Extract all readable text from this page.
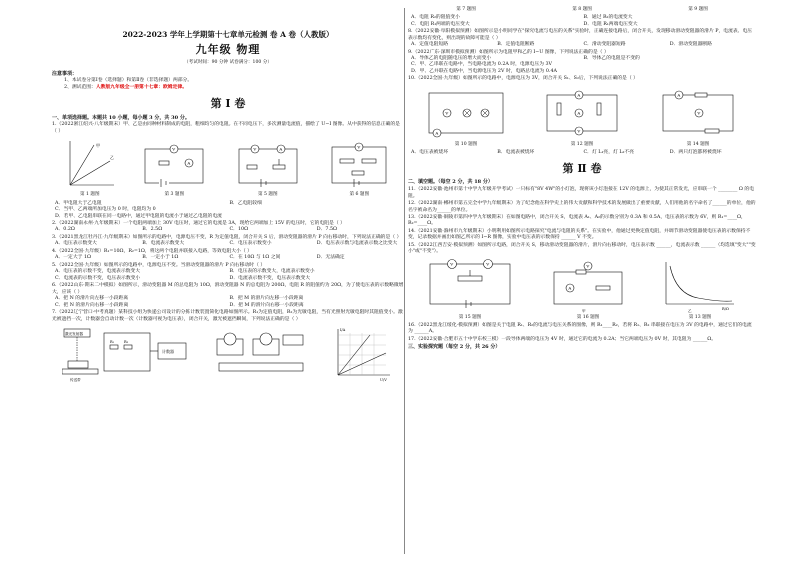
2022-2023 学年上学期第十七章单元检测 卷 A 卷（人教版）
九年级 物理
（考试时间：90 分钟 试卷满分：100 分）
注意事项：
1、本试卷分第Ⅰ卷（选择题）和第Ⅱ卷（非选择题）两部分。
2、测试范围：人教版九年级全一册第十七章：欧姆定律。
第 Ⅰ 卷
一、单项选择题。本题共 10 小题，每小题 3 分，共 30 分。
1.（2022浙江绍兴·八年级期末）甲、乙是由同种材料制成的电阻，粗细均匀的电阻。在不同电压下，多次测量电流值，描绘了 U−I 图像。从中获得的信息正确的是（ ）
甲
乙
第 1 题图
V
A
第 3 题图
V	A
第 5 题图
V
第 6 题图
A．甲电阻大于乙电阻	B．乙电阻较细
C．当甲、乙两端所加电压为 0 时，电阻均为 0
D．若甲、乙电阻串联在同一电路中，通过甲电阻的电流小于通过乙电阻的电流
2.（2022湖南永州·九年级期末）一个电阻两端加上 30V 电压时，通过它的电流是 3A，现给它两端加上 15V 的电压时，它的电阻是（ ）
A．0.2Ω	B．2.5Ω	C．10Ω	D．7.5Ω
3.（2021黑龙江牡丹江·九年级期末）如图所示的电路中，电源电压不变，R 为定值电阻，闭合开关 S 后，滑动变阻器的滑片 P 向右移动时，下列说法正确的是（ ）
A．电压表示数变大	B．电流表示数变大	C．电压表示数变小	D．电压表示数与电流表示数之比变大
4.（2022全国·九年级）R₁=10Ω，R₂=1Ω，将这两个电阻并联接入电路，等效电阻大小（ ）
A．一定大于 1Ω	B．一定小于 1Ω	C．在 10Ω 与 1Ω 之间	D．无法确定
5.（2022全国·九年级）如图所示的电路中，电源电压不变。当滑动变阻器的滑片 P 向右移动时（ ）
A．电压表的示数不变，电流表示数变大	B．电压表的示数变大，电流表示数变小
C．电流表的示数不变，电压表示数变小	D．电流表示数不变，电压表示数变大
6.（2022山东·期末二中模拟）如图所示，滑动变阻器 M 的总电阻为 10Ω，滑动变阻器 N 的总电阻为 200Ω，电阻 R 的阻值约为 20Ω，为了使电压表的示数略微增大，应该（ ）
A．把 N 的滑片向左移一小段距离	B．把 M 的滑片向左移一小段距离
C．把 N 的滑片向右移一小段距离	D．把 M 的滑片向右移一小段距离
7.（2022辽宁营口·中考真题）某科技小组为快递公司设计的分拣计数装置简化电路如图所示。R₁为定值电阻，R₂为光敏电阻，当有光照射光敏电阻时其阻值变小。激光被遮挡一次，计数器会自动计数一次（计数器可视为电压表），闭合开关，激光被遮挡瞬间，下列说法正确的是（ ）
激光发射器
传送带
R₁	R₂
计数器
I/A
U/V
第 7 题图	第 8 题图	第 9 题图
A．电阻 R₂的阻值变小	B．通过 R₂的电流变大
C．电阻 R₁两端的电压变大	D．电阻 R₁两端电压变大
8.（2022安徽·阜阳模拟预测）如图所示是小明同学在"探究电流与电压的关系"实验时，正确连接电路后，闭合开关，发现移动滑动变阻器的滑片 P，电流表、电压表示数均有变化，则出现的故障可能是（ ）
A．定值电阻短路	B．定值电阻断路	C．滑动变阻器短路	D．滑动变阻器断路
9.（2022广东·深圳市模拟预测）如图所示为电阻甲和乙的 I−U 图像，下列说法正确的是（ ）
A．导体乙的电阻随电压的增大而变小	B．导体乙的电阻是不变的
C．甲、乙串联在电路中，当电路电流为 0.2A 时，电源电压为 3V
D．甲、乙并联在电路中，当电源电压为 2V 时，电路总电流为 0.4A
10.（2022全国·九年级）如图所示的电路中，电源电压为 3V，闭合开关 S₁、S₂后，下列说法正确的是（ ）
V
A
第 10 题图
A
A
V
第 12 题图
A
V
第 14 题图
A．电压表被烧坏	B．电流表被烧坏	C．灯 L₁亮，灯 L₂不亮	D．两只灯泡都将被烧坏
第 Ⅱ 卷
二、填空题。（每空 2 分，共 18 分）
11.（2022安徽·池州市第十中学九年级开学考试）一只标有"8V 4W"的小灯泡，现将该小灯泡接在 12V 的电源上，为使其正常发光，应串联一个 ________ Ω 的电阻。
12.（2022湖南·郴州市第五完全中学九年级期末）为了纪念他在科学史上的伟大贡献和科学技术的发展做出了重要贡献，人们用他的名字命名了______的单位，他的名字被命名为______的单位。
13.（2022安徽·铜陵市第四中学九年级期末）在如图电路中，闭合开关 S，电流表 A₁、A₂的示数分别为 0.3A 和 0.5A，电压表的示数为 6V，则 R₁=____Ω，R₂=____Ω。
14.（2021安徽·滁州市九年级期末）小明利用如图所示电路探究"电流与电阻的关系"。在实验中，他通过更换定值电阻，并调节滑动变阻器使电压表的示数保持不变，记录数据并画出如图乙所示的 I−R 图像，实验中电压表的示数保持 ______ V 不变。
15.（2022江西吉安·模拟预测）如图所示电路，闭合开关 S，移动滑动变阻器的滑片，滑片向右移动时，电压表示数 ______，电流表示数 ______（均选填"变大""变小"或"不变"）。
V	V
第 15 题图
V
A
甲
第 16 题图
乙	R/Ω
第 13 题图
16.（2022黑龙江绥化·模拟预测）如图是关于电阻 R₁、R₂的电流与电压关系的图像，则 R₁____R₂，若将 R₁、R₂ 串联接在电压为 3V 的电路中，通过它们的电流为 ______A。
17.（2022安徽·合肥市五十中学东校三模）一段导体两端的电压为 4V 时，通过它的电流为 0.2A；当它两端电压为 0V 时，其电阻为 ______Ω。
三、实验探究题（每空 2 分，共 26 分）
